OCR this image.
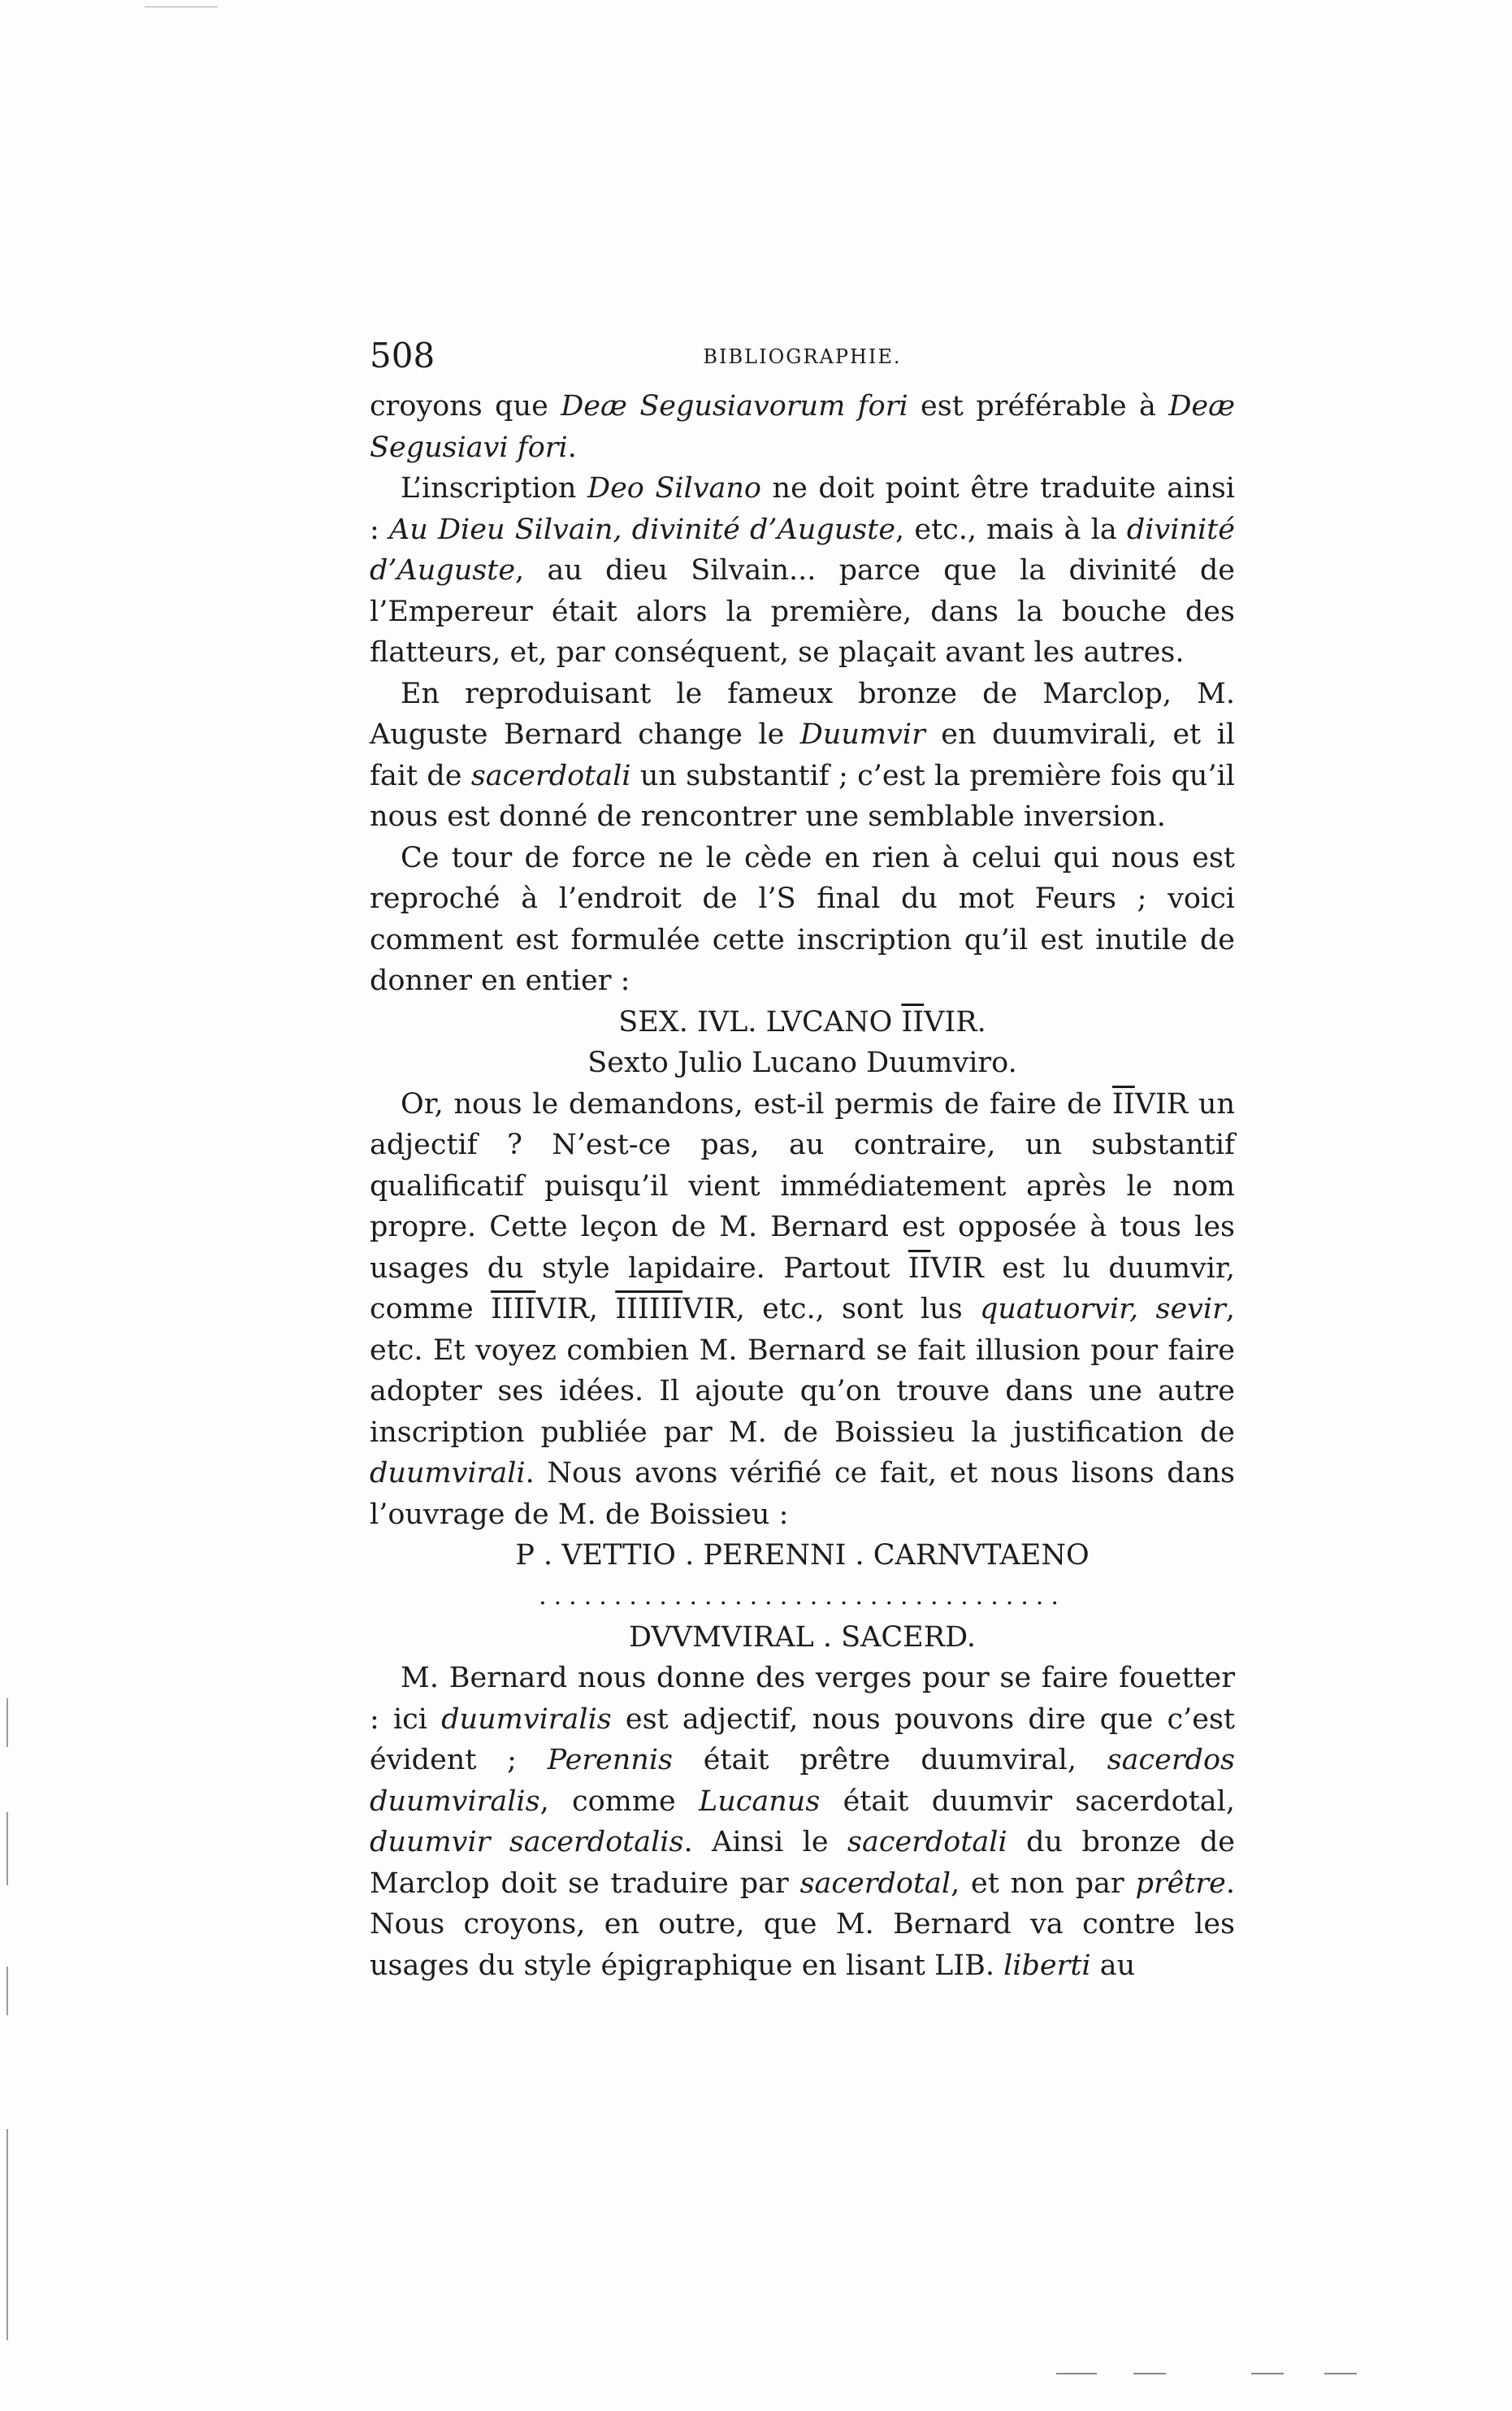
508	BIBLIOGRAPHIE.

croyons que Deæ Segusiavorum fori est préférable à Deæ Segusiavi fori.

L’inscription Deo Silvano ne doit point être traduite ainsi : Au Dieu Silvain, divinité d’Auguste, etc., mais à la divinité d’Auguste, au dieu Silvain... parce que la divinité de l’Empereur était alors la première, dans la bouche des flatteurs, et, par conséquent, se plaçait avant les autres.

En reproduisant le fameux bronze de Marclop, M. Auguste Bernard change le Duumvir en duumvirali, et il fait de sacerdotali un substantif ; c’est la première fois qu’il nous est donné de rencontrer une semblable inversion.

Ce tour de force ne le cède en rien à celui qui nous est reproché à l’endroit de l’S final du mot Feurs ; voici comment est formulée cette inscription qu’il est inutile de donner en entier :

SEX. IVL. LVCANO $\overline{II}VIR$.

Sexto Julio Lucano Duumviro.

Or, nous le demandons, est-il permis de faire de $\overline{II}VIR$ un adjectif ? N’est-ce pas, au contraire, un substantif qualificatif puisqu’il vient immédiatement après le nom propre. Cette leçon de M. Bernard est opposée à tous les usages du style lapidaire. Partout $\overline{II}VIR$ est lu duumvir, comme IIIIVIR, IIIIIIVIR, etc., sont lus quatuorvir, sevir, etc. Et voyez combien M. Bernard se fait illusion pour faire adopter ses idées. Il ajoute qu’on trouve dans une autre inscription publiée par M. de Boissieu la justification de duumvirali. Nous avons vérifié ce fait, et nous lisons dans l’ouvrage de M. de Boissieu :

P . VETTIO . PERENNI . CARNVTAENO

...................................

DVVMVIRAL . SACERD.

M. Bernard nous donne des verges pour se faire fouetter : ici duumviralis est adjectif, nous pouvons dire que c’est évident ; Perennis était prêtre duumviral, sacerdos duumviralis, comme Lucanus était duumvir sacerdotal, duumvir sacerdotalis. Ainsi le sacerdotali du bronze de Marclop doit se traduire par sacerdotal, et non par prêtre. Nous croyons, en outre, que M. Bernard va contre les usages du style épigraphique en lisant LIB. liberti au
